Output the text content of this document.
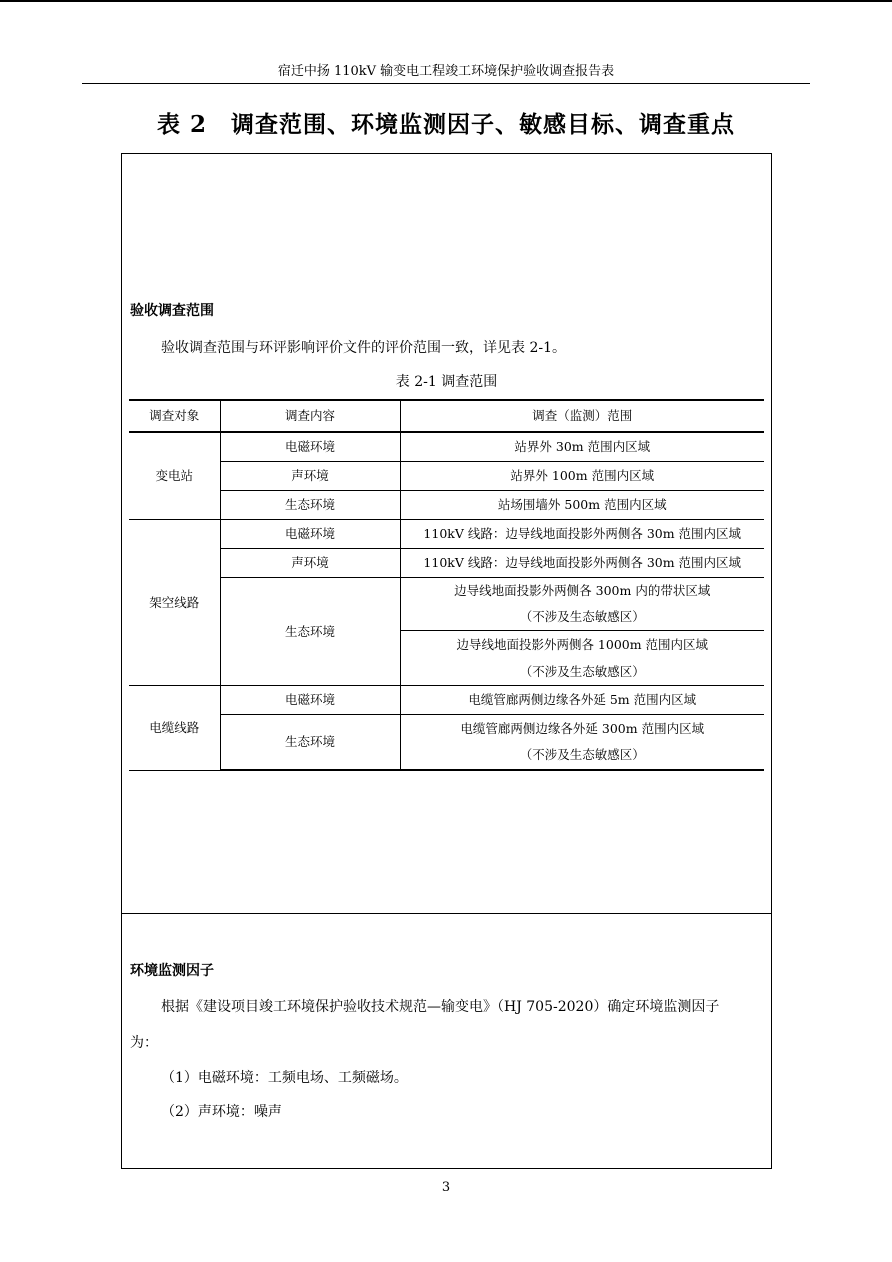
宿迁中扬 110kV 输变电工程竣工环境保护验收调查报告表
表 2　调查范围、环境监测因子、敏感目标、调查重点
验收调查范围
验收调查范围与环评影响评价文件的评价范围一致，详见表 2-1。
表 2-1 调查范围
调查对象	调查内容	调查（监测）范围
变电站	电磁环境	站界外 30m 范围内区域
	声环境	站界外 100m 范围内区域
	生态环境	站场围墙外 500m 范围内区域
架空线路	电磁环境	110kV 线路：边导线地面投影外两侧各 30m 范围内区域
	声环境	110kV 线路：边导线地面投影外两侧各 30m 范围内区域
	生态环境	边导线地面投影外两侧各 300m 内的带状区域
（不涉及生态敏感区）

		边导线地面投影外两侧各 1000m 范围内区域
（不涉及生态敏感区）

电缆线路	电磁环境	电缆管廊两侧边缘各外延 5m 范围内区域
	生态环境	电缆管廊两侧边缘各外延 300m 范围内区域
（不涉及生态敏感区）
环境监测因子
根据《建设项目竣工环境保护验收技术规范—输变电》（HJ 705-2020）确定环境监测因子
为：
（1）电磁环境：工频电场、工频磁场。
（2）声环境：噪声
3
